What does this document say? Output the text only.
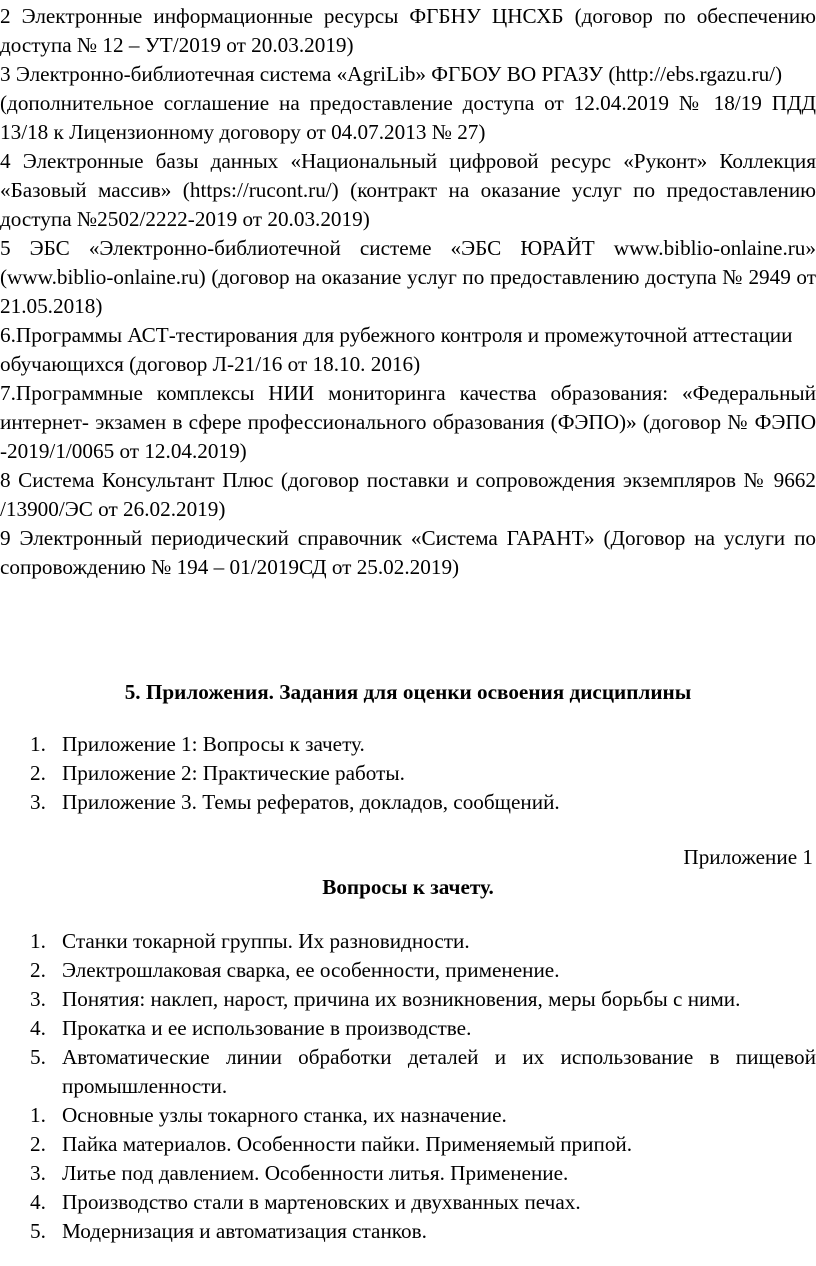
2 Электронные информационные ресурсы ФГБНУ ЦНСХБ (договор по обеспечению доступа № 12 – УТ/2019 от 20.03.2019)

3 Электронно-библиотечная система «AgriLib» ФГБОУ ВО РГАЗУ (http://ebs.rgazu.ru/)

(дополнительное соглашение на предоставление доступа от 12.04.2019 № 18/19 ПДД 13/18 к Лицензионному договору от 04.07.2013 № 27)

4 Электронные базы данных «Национальный цифровой ресурс «Руконт» Коллекция «Базовый массив» (https://rucont.ru/) (контракт на оказание услуг по предоставлению доступа №2502/2222-2019 от 20.03.2019)

5 ЭБС «Электронно-библиотечной системе «ЭБС ЮРАЙТ www.biblio-onlaine.ru» (www.biblio-onlaine.ru) (договор на оказание услуг по предоставлению доступа № 2949 от 21.05.2018)

6.Программы АСТ-тестирования для рубежного контроля и промежуточной аттестации

обучающихся (договор Л-21/16 от 18.10. 2016)

7.Программные комплексы НИИ мониторинга качества образования: «Федеральный интернет- экзамен в сфере профессионального образования (ФЭПО)» (договор № ФЭПО -2019/1/0065 от 12.04.2019)

8 Система Консультант Плюс (договор поставки и сопровождения экземпляров № 9662 /13900/ЭС от 26.02.2019)

9 Электронный периодический справочник «Система ГАРАНТ» (Договор на услуги по сопровождению № 194 – 01/2019СД от 25.02.2019)

5. Приложения. Задания для оценки освоения дисциплины
1. Приложение 1: Вопросы к зачету.
2. Приложение 2: Практические работы.
3. Приложение 3. Темы рефератов, докладов, сообщений.

Приложение 1

Вопросы к зачету.
1. Станки токарной группы. Их разновидности.
2. Электрошлаковая сварка, ее особенности, применение.
3. Понятия: наклеп, нарост, причина их возникновения, меры борьбы с ними.
4. Прокатка и ее использование в производстве.
5. Автоматические линии обработки деталей и их использование в пищевой промышленности.
1. Основные узлы токарного станка, их назначение.
2. Пайка материалов. Особенности пайки. Применяемый припой.
3. Литье под давлением. Особенности литья. Применение.
4. Производство стали в мартеновских и двухванных печах.
5. Модернизация и автоматизация станков.
